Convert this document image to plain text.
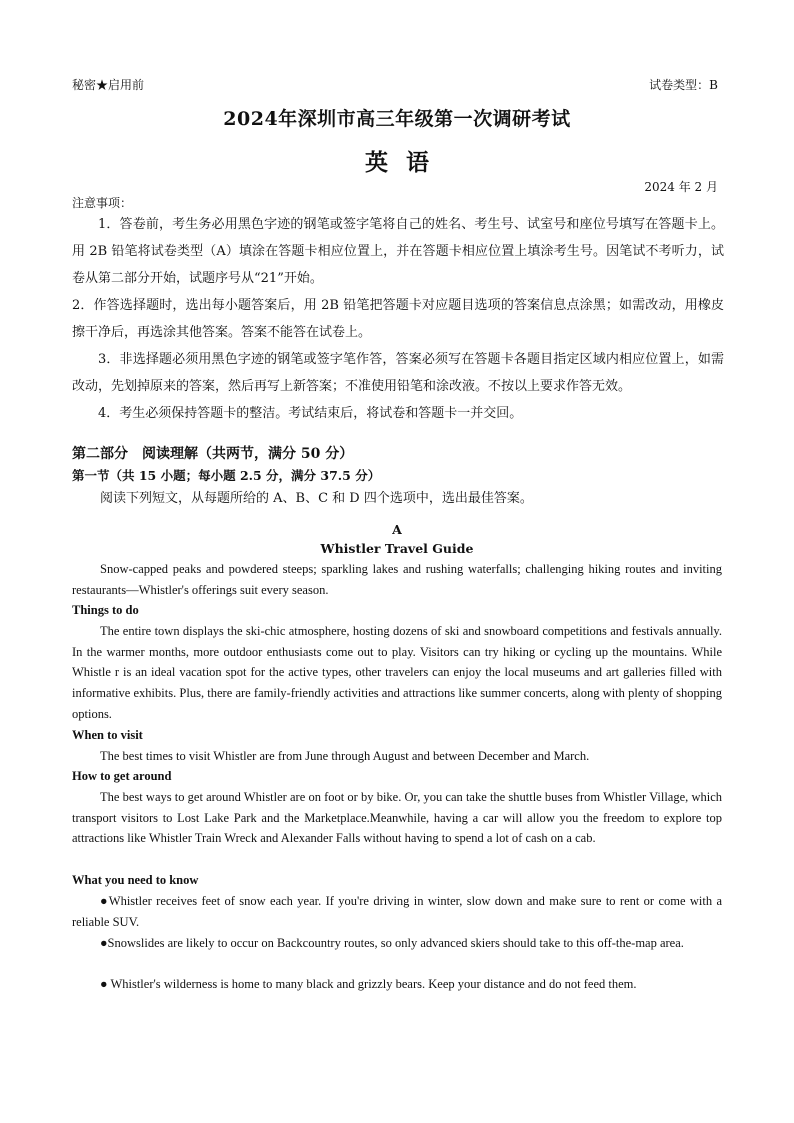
秘密★启用前	试卷类型：B
2024年深圳市高三年级第一次调研考试
英语
2024 年 2 月
注意事项：
1．答卷前，考生务必用黑色字迹的钢笔或签字笔将自己的姓名、考生号、试室号和座位号填写在答题卡上。用 2B 铅笔将试卷类型（A）填涂在答题卡相应位置上，并在答题卡相应位置上填涂考生号。因笔试不考听力，试卷从第二部分开始，试题序号从“21”开始。
2．作答选择题时，选出每小题答案后，用 2B 铅笔把答题卡对应题目选项的答案信息点涂黑；如需改动，用橡皮擦干净后，再选涂其他答案。答案不能答在试卷上。
3．非选择题必须用黑色字迹的钢笔或签字笔作答，答案必须写在答题卡各题目指定区域内相应位置上，如需改动，先划掉原来的答案，然后再写上新答案；不准使用铅笔和涂改液。不按以上要求作答无效。
4．考生必须保持答题卡的整洁。考试结束后，将试卷和答题卡一并交回。
第二部分　阅读理解（共两节，满分 50 分）
第一节（共 15 小题；每小题 2.5 分，满分 37.5 分）
阅读下列短文，从每题所给的 A、B、C 和 D 四个选项中，选出最佳答案。
A
Whistler Travel Guide
Snow-capped peaks and powdered steeps; sparkling lakes and rushing waterfalls; challenging hiking routes and inviting restaurants—Whistler's offerings suit every season.
Things to do
The entire town displays the ski-chic atmosphere, hosting dozens of ski and snowboard competitions and festivals annually. In the warmer months, more outdoor enthusiasts come out to play. Visitors can try hiking or cycling up the mountains. While Whistle r is an ideal vacation spot for the active types, other travelers can enjoy the local museums and art galleries filled with informative exhibits. Plus, there are family-friendly activities and attractions like summer concerts, along with plenty of shopping options.
When to visit
The best times to visit Whistler are from June through August and between December and March.
How to get around
The best ways to get around Whistler are on foot or by bike. Or, you can take the shuttle buses from Whistler Village, which transport visitors to Lost Lake Park and the Marketplace.Meanwhile, having a car will allow you the freedom to explore top attractions like Whistler Train Wreck and Alexander Falls without having to spend a lot of cash on a cab.
What you need to know
●Whistler receives feet of snow each year. If you're driving in winter, slow down and make sure to rent or come with a reliable SUV.
●Snowslides are likely to occur on Backcountry routes, so only advanced skiers should take to this off-the-map area.
● Whistler's wilderness is home to many black and grizzly bears. Keep your distance and do not feed them.
